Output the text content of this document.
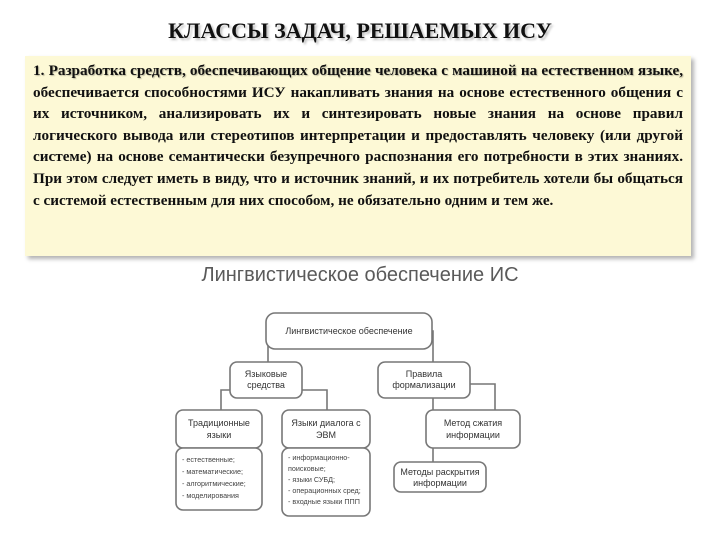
КЛАССЫ ЗАДАЧ, РЕШАЕМЫХ ИСУ
1. Разработка средств, обеспечивающих общение человека с машиной на естественном языке, обеспечивается способностями ИСУ накапливать знания на основе естественного общения с их источником, анализировать их и синтезировать новые знания на основе правил логического вывода или стереотипов интерпретации и предоставлять человеку (или другой системе) на основе семантически безупречного распознания его потребности в этих знаниях. При этом следует иметь в виду, что и источник знаний, и их потребитель хотели бы общаться с системой естественным для них способом, не обязательно одним и тем же.
Лингвистическое обеспечение ИС
Лингвистическое обеспечение
Языковые
средства
Правила
формализации
Традиционные
языки
- естественные;
- математические;
- алгоритмические;
- моделирования
Языки диалога с
ЭВМ
- информационно-
поисковые;
- языки СУБД;
- операционных сред;
- входные языки ППП
Метод сжатия
информации
Методы раскрытия
информации
